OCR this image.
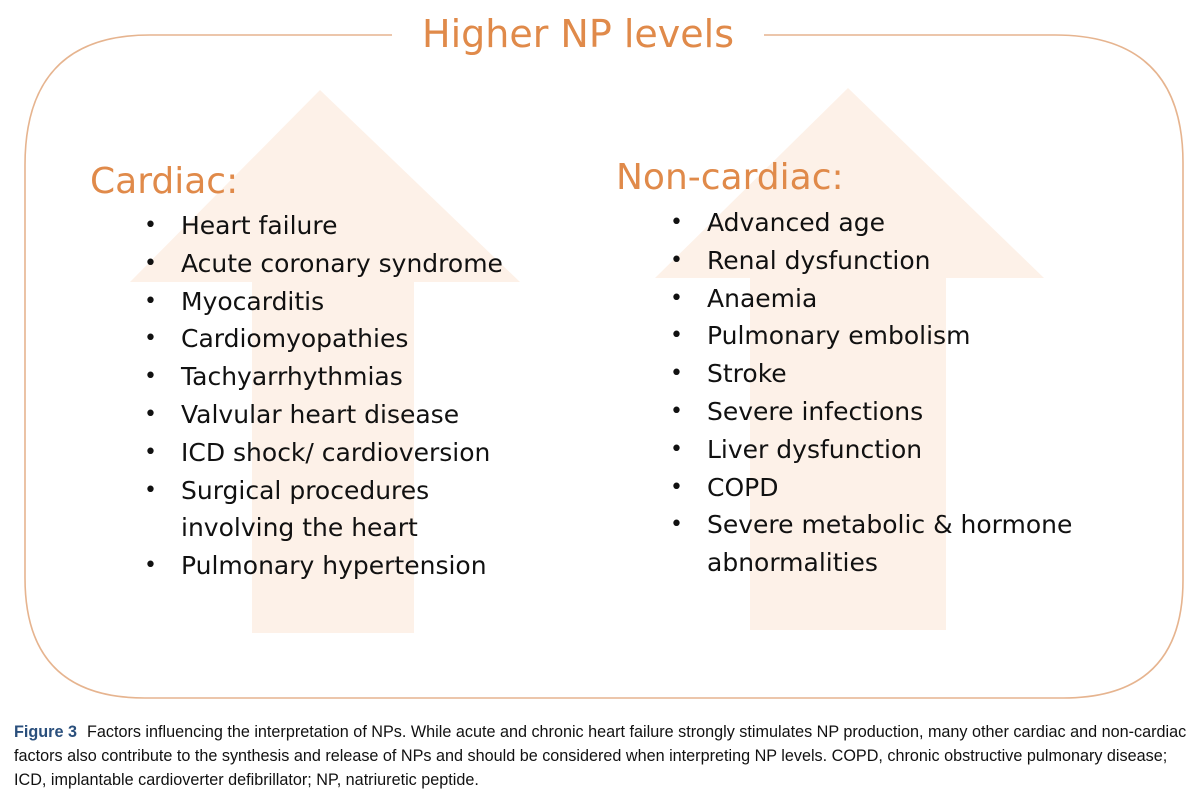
Higher NP levels
Cardiac:
• Heart failure
• Acute coronary syndrome
• Myocarditis
• Cardiomyopathies
• Tachyarrhythmias
• Valvular heart disease
• ICD shock/ cardioversion
• Surgical procedures involving the heart
• Pulmonary hypertension
Non-cardiac:
• Advanced age
• Renal dysfunction
• Anaemia
• Pulmonary embolism
• Stroke
• Severe infections
• Liver dysfunction
• COPD
• Severe metabolic & hormone abnormalities
Figure 3 Factors influencing the interpretation of NPs. While acute and chronic heart failure strongly stimulates NP production, many other cardiac and non-cardiac factors also contribute to the synthesis and release of NPs and should be considered when interpreting NP levels. COPD, chronic obstructive pulmonary disease; ICD, implantable cardioverter defibrillator; NP, natriuretic peptide.
